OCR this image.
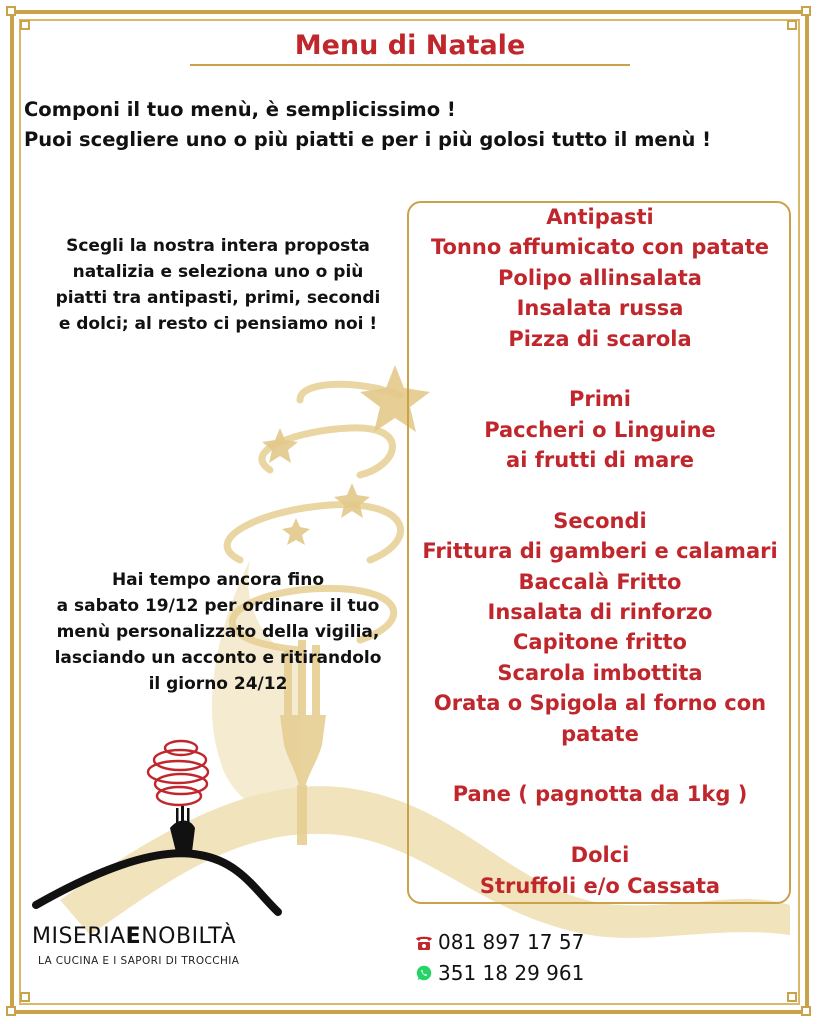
Menu di Natale
Componi il tuo menù, è semplicissimo !
Puoi scegliere uno o più piatti e per i più golosi tutto il menù !
Scegli la nostra intera proposta
natalizia e seleziona uno o più
piatti tra antipasti, primi, secondi
e dolci; al resto ci pensiamo noi !
Hai tempo ancora fino
a sabato 19/12 per ordinare il tuo
menù personalizzato della vigilia,
lasciando un acconto e ritirandolo
il giorno 24/12
Antipasti
Tonno affumicato con patate
Polipo allinsalata
Insalata russa
Pizza di scarola
Primi
Paccheri o Linguine
ai frutti di mare
Secondi
Frittura di gamberi e calamari
Baccalà Fritto
Insalata di rinforzo
Capitone fritto
Scarola imbottita
Orata o Spigola al forno con
patate
Pane ( pagnotta da 1kg )
Dolci
Struffoli e/o Cassata
MISERIAENOBILTÀ
LA CUCINA E I SAPORI DI TROCCHIA
081 897 17 57
351 18 29 961
